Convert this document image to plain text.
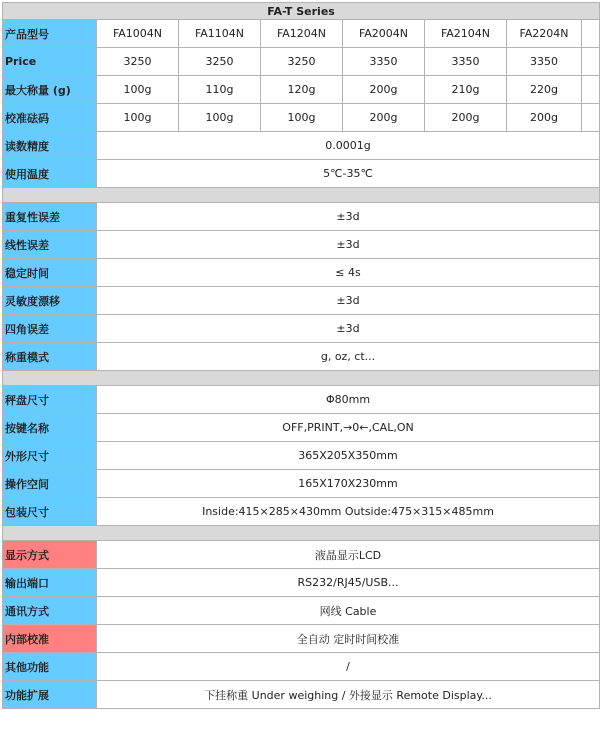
FA-T Series							
产品型号	FA1004N	FA1104N	FA1204N	FA2004N	FA2104N	FA2204N	
Price	3250	3250	3250	3350	3350	3350	
最大称量 (g)	100g	110g	120g	200g	210g	220g	
校准砝码	100g	100g	100g	200g	200g	200g	
读数精度	0.0001g						
使用温度	5℃-35℃						

重复性误差	±3d						
线性误差	±3d						
稳定时间	≤ 4s						
灵敏度漂移	±3d						
四角误差	±3d						
称重模式	g, oz, ct...						

秤盘尺寸	Φ80mm						
按键名称	OFF,PRINT,→0←,CAL,ON						
外形尺寸	365X205X350mm						
操作空间	165X170X230mm						
包装尺寸	Inside:415×285×430mm Outside:475×315×485mm						

显示方式	液晶显示LCD						
输出端口	RS232/RJ45/USB...						
通讯方式	网线 Cable						
内部校准	全自动 定时时间校准						
其他功能	/						
功能扩展	下挂称重 Under weighing / 外接显示 Remote Display...						
